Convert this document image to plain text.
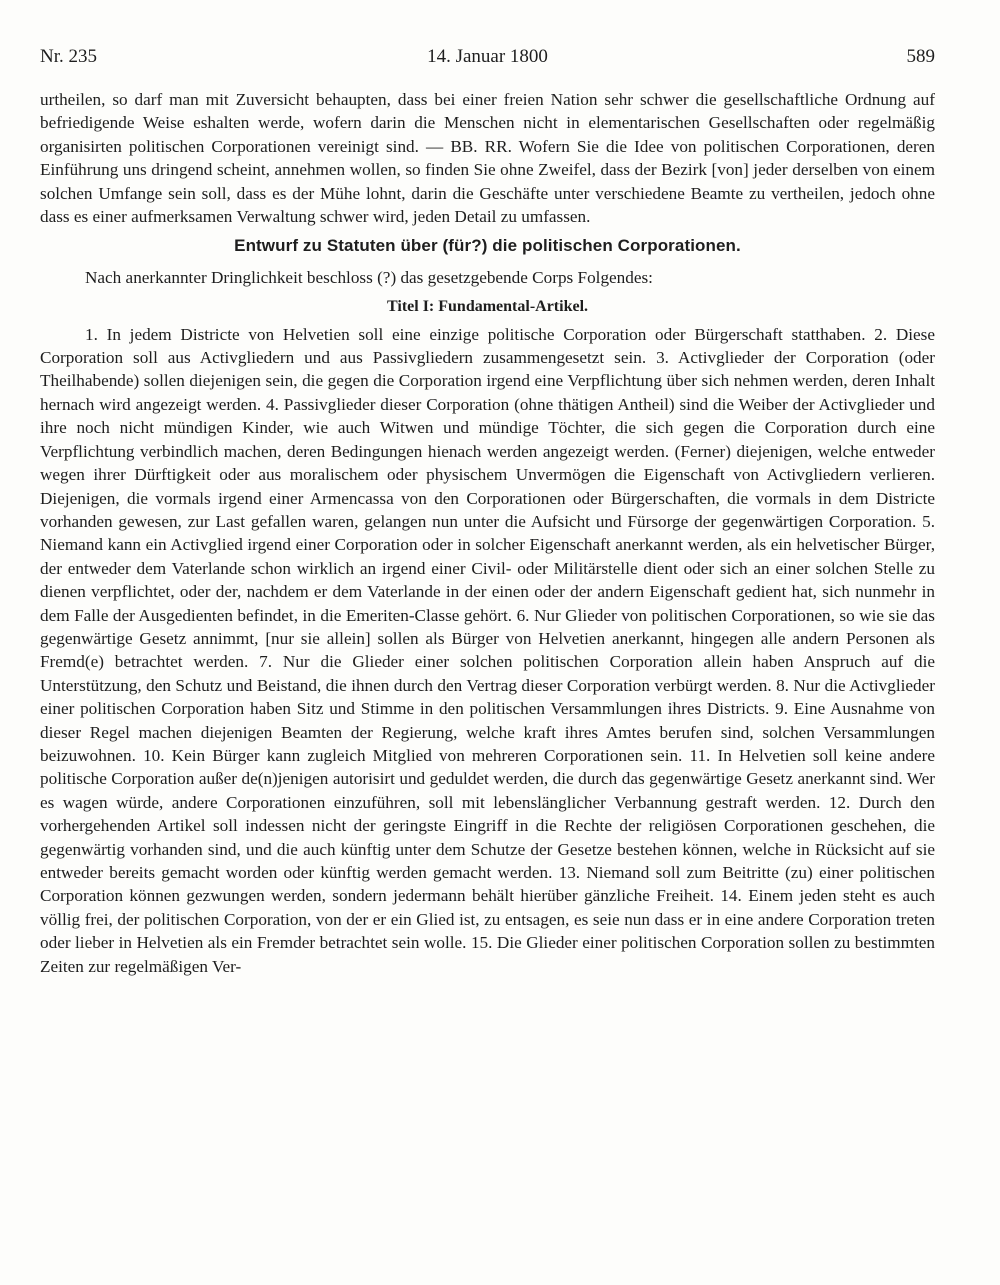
Nr. 235	14. Januar 1800	589

urtheilen, so darf man mit Zuversicht behaupten, dass bei einer freien Nation sehr schwer die gesellschaftliche Ordnung auf befriedigende Weise eshalten werde, wofern darin die Menschen nicht in elementarischen Gesellschaften oder regelmäßig organisirten politischen Corporationen vereinigt sind. — BB. RR. Wofern Sie die Idee von politischen Corporationen, deren Einführung uns dringend scheint, annehmen wollen, so finden Sie ohne Zweifel, dass der Bezirk [von] jeder derselben von einem solchen Umfange sein soll, dass es der Mühe lohnt, darin die Geschäfte unter verschiedene Beamte zu vertheilen, jedoch ohne dass es einer aufmerksamen Verwaltung schwer wird, jeden Detail zu umfassen.

Entwurf zu Statuten über (für?) die politischen Corporationen.

Nach anerkannter Dringlichkeit beschloss (?) das gesetzgebende Corps Folgendes:

Titel I: Fundamental-Artikel.

1. In jedem Districte von Helvetien soll eine einzige politische Corporation oder Bürgerschaft statthaben. 2. Diese Corporation soll aus Activgliedern und aus Passivgliedern zusammengesetzt sein. 3. Activglieder der Corporation (oder Theilhabende) sollen diejenigen sein, die gegen die Corporation irgend eine Verpflichtung über sich nehmen werden, deren Inhalt hernach wird angezeigt werden. 4. Passivglieder dieser Corporation (ohne thätigen Antheil) sind die Weiber der Activglieder und ihre noch nicht mündigen Kinder, wie auch Witwen und mündige Töchter, die sich gegen die Corporation durch eine Verpflichtung verbindlich machen, deren Bedingungen hienach werden angezeigt werden. (Ferner) diejenigen, welche entweder wegen ihrer Dürftigkeit oder aus moralischem oder physischem Unvermögen die Eigenschaft von Activgliedern verlieren. Diejenigen, die vormals irgend einer Armencassa von den Corporationen oder Bürgerschaften, die vormals in dem Districte vorhanden gewesen, zur Last gefallen waren, gelangen nun unter die Aufsicht und Fürsorge der gegenwärtigen Corporation. 5. Niemand kann ein Activglied irgend einer Corporation oder in solcher Eigenschaft anerkannt werden, als ein helvetischer Bürger, der entweder dem Vaterlande schon wirklich an irgend einer Civil- oder Militärstelle dient oder sich an einer solchen Stelle zu dienen verpflichtet, oder der, nachdem er dem Vaterlande in der einen oder der andern Eigenschaft gedient hat, sich nunmehr in dem Falle der Ausgedienten befindet, in die Emeriten-Classe gehört. 6. Nur Glieder von politischen Corporationen, so wie sie das gegenwärtige Gesetz annimmt, [nur sie allein] sollen als Bürger von Helvetien anerkannt, hingegen alle andern Personen als Fremd(e) betrachtet werden. 7. Nur die Glieder einer solchen politischen Corporation allein haben Anspruch auf die Unterstützung, den Schutz und Beistand, die ihnen durch den Vertrag dieser Corporation verbürgt werden. 8. Nur die Activglieder einer politischen Corporation haben Sitz und Stimme in den politischen Versammlungen ihres Districts. 9. Eine Ausnahme von dieser Regel machen diejenigen Beamten der Regierung, welche kraft ihres Amtes berufen sind, solchen Versammlungen beizuwohnen. 10. Kein Bürger kann zugleich Mitglied von mehreren Corporationen sein. 11. In Helvetien soll keine andere politische Corporation außer de(n)jenigen autorisirt und geduldet werden, die durch das gegenwärtige Gesetz anerkannt sind. Wer es wagen würde, andere Corporationen einzuführen, soll mit lebenslänglicher Verbannung gestraft werden. 12. Durch den vorhergehenden Artikel soll indessen nicht der geringste Eingriff in die Rechte der religiösen Corporationen geschehen, die gegenwärtig vorhanden sind, und die auch künftig unter dem Schutze der Gesetze bestehen können, welche in Rücksicht auf sie entweder bereits gemacht worden oder künftig werden gemacht werden. 13. Niemand soll zum Beitritte (zu) einer politischen Corporation können gezwungen werden, sondern jedermann behält hierüber gänzliche Freiheit. 14. Einem jeden steht es auch völlig frei, der politischen Corporation, von der er ein Glied ist, zu entsagen, es seie nun dass er in eine andere Corporation treten oder lieber in Helvetien als ein Fremder betrachtet sein wolle. 15. Die Glieder einer politischen Corporation sollen zu bestimmten Zeiten zur regelmäßigen Ver-
